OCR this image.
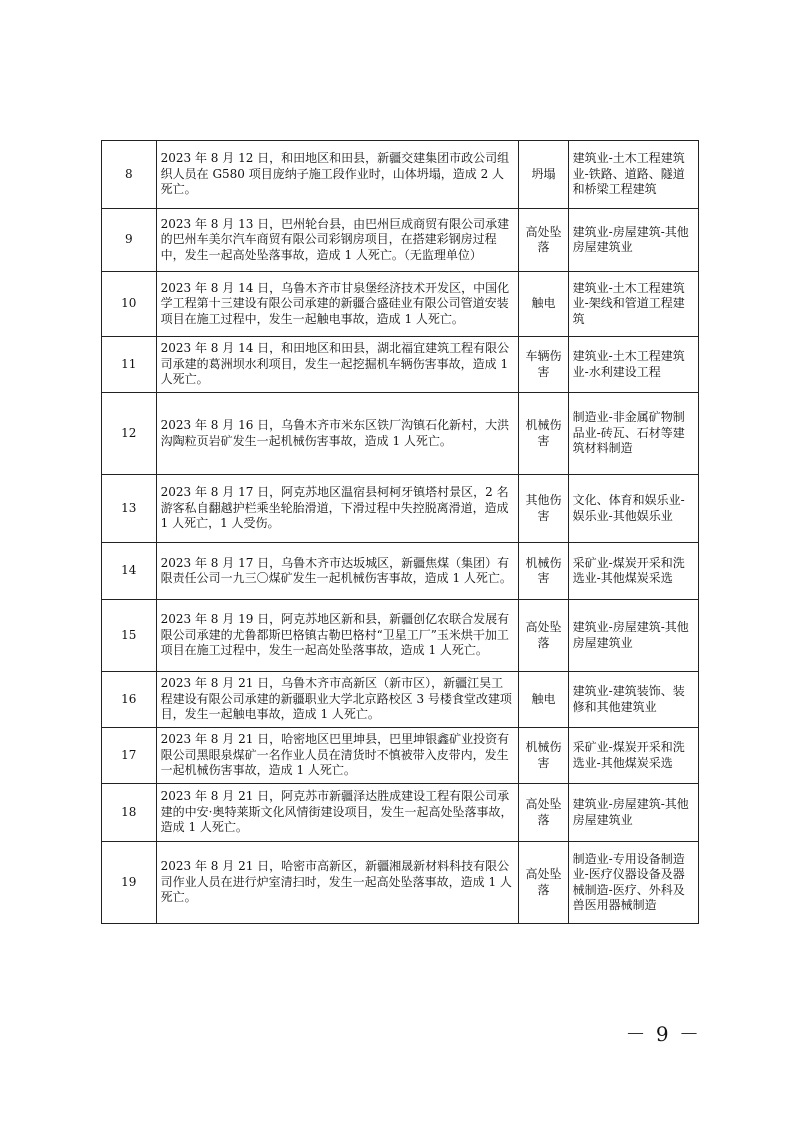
8	2023 年 8 月 12 日，和田地区和田县，新疆交建集团市政公司组织人员在 G580 项目庞纳子施工段作业时，山体坍塌，造成 2 人死亡。	坍塌	建筑业-土木工程建筑业-铁路、道路、隧道和桥梁工程建筑
9	2023 年 8 月 13 日，巴州轮台县，由巴州巨成商贸有限公司承建的巴州车美尔汽车商贸有限公司彩钢房项目，在搭建彩钢房过程中，发生一起高处坠落事故，造成 1 人死亡。（无监理单位）	高处坠落	建筑业-房屋建筑-其他房屋建筑业
10	2023 年 8 月 14 日，乌鲁木齐市甘泉堡经济技术开发区，中国化学工程第十三建设有限公司承建的新疆合盛硅业有限公司管道安装项目在施工过程中，发生一起触电事故，造成 1 人死亡。	触电	建筑业-土木工程建筑业-架线和管道工程建筑
11	2023 年 8 月 14 日，和田地区和田县，湖北福宜建筑工程有限公司承建的葛洲坝水利项目，发生一起挖掘机车辆伤害事故，造成 1 人死亡。	车辆伤害	建筑业-土木工程建筑业-水利建设工程
12	2023 年 8 月 16 日，乌鲁木齐市米东区铁厂沟镇石化新村，大洪沟陶粒页岩矿发生一起机械伤害事故，造成 1 人死亡。	机械伤害	制造业-非金属矿物制品业-砖瓦、石材等建筑材料制造
13	2023 年 8 月 17 日，阿克苏地区温宿县柯柯牙镇塔村景区，2 名游客私自翻越护栏乘坐轮胎滑道，下滑过程中失控脱离滑道，造成 1 人死亡，1 人受伤。	其他伤害	文化、体育和娱乐业-娱乐业-其他娱乐业
14	2023 年 8 月 17 日，乌鲁木齐市达坂城区，新疆焦煤（集团）有限责任公司一九三〇煤矿发生一起机械伤害事故，造成 1 人死亡。	机械伤害	采矿业-煤炭开采和洗选业-其他煤炭采选
15	2023 年 8 月 19 日，阿克苏地区新和县，新疆创亿农联合发展有限公司承建的尤鲁都斯巴格镇古勒巴格村“卫星工厂”玉米烘干加工项目在施工过程中，发生一起高处坠落事故，造成 1 人死亡。	高处坠落	建筑业-房屋建筑-其他房屋建筑业
16	2023 年 8 月 21 日，乌鲁木齐市高新区（新市区），新疆江昊工程建设有限公司承建的新疆职业大学北京路校区 3 号楼食堂改建项目，发生一起触电事故，造成 1 人死亡。	触电	建筑业-建筑装饰、装修和其他建筑业
17	2023 年 8 月 21 日，哈密地区巴里坤县，巴里坤银鑫矿业投资有限公司黑眼泉煤矿一名作业人员在清货时不慎被带入皮带内，发生一起机械伤害事故，造成 1 人死亡。	机械伤害	采矿业-煤炭开采和洗选业-其他煤炭采选
18	2023 年 8 月 21 日，阿克苏市新疆泽达胜成建设工程有限公司承建的中安·奥特莱斯文化风情街建设项目，发生一起高处坠落事故，造成 1 人死亡。	高处坠落	建筑业-房屋建筑-其他房屋建筑业
19	2023 年 8 月 21 日，哈密市高新区，新疆湘晟新材料科技有限公司作业人员在进行炉室清扫时，发生一起高处坠落事故，造成 1 人死亡。	高处坠落	制造业-专用设备制造业-医疗仪器设备及器械制造-医疗、外科及兽医用器械制造
－ 9 －
